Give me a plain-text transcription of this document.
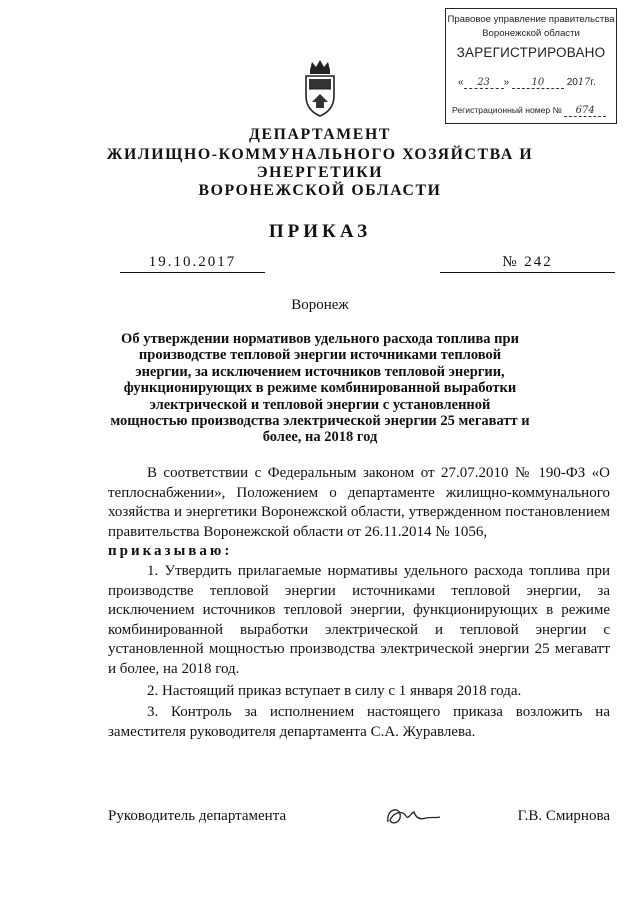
Правовое управление правительства
Воронежской области
ЗАРЕГИСТРИРОВАНО
« 23 » 10 2017г.
Регистрационный номер № 674
ДЕПАРТАМЕНТ
ЖИЛИЩНО-КОММУНАЛЬНОГО ХОЗЯЙСТВА И
ЭНЕРГЕТИКИ
ВОРОНЕЖСКОЙ ОБЛАСТИ
ПРИКАЗ
19.10.2017	№ 242
Воронеж
Об утверждении нормативов удельного расхода топлива при производстве тепловой энергии источниками тепловой энергии, за исключением источников тепловой энергии, функционирующих в режиме комбинированной выработки электрической и тепловой энергии с установленной мощностью производства электрической энергии 25 мегаватт и более, на 2018 год

В соответствии с Федеральным законом от 27.07.2010 № 190-ФЗ «О теплоснабжении», Положением о департаменте жилищно-коммунального хозяйства и энергетики Воронежской области, утвержденном постановлением правительства Воронежской области от 26.11.2014 № 1056,

приказываю:

1. Утвердить прилагаемые нормативы удельного расхода топлива при производстве тепловой энергии источниками тепловой энергии, за исключением источников тепловой энергии, функционирующих в режиме комбинированной выработки электрической и тепловой энергии с установленной мощностью производства электрической энергии 25 мегаватт и более, на 2018 год.

2. Настоящий приказ вступает в силу с 1 января 2018 года.

3. Контроль за исполнением настоящего приказа возложить на заместителя руководителя департамента С.А. Журавлева.

Руководитель департамента	Г.В. Смирнова
